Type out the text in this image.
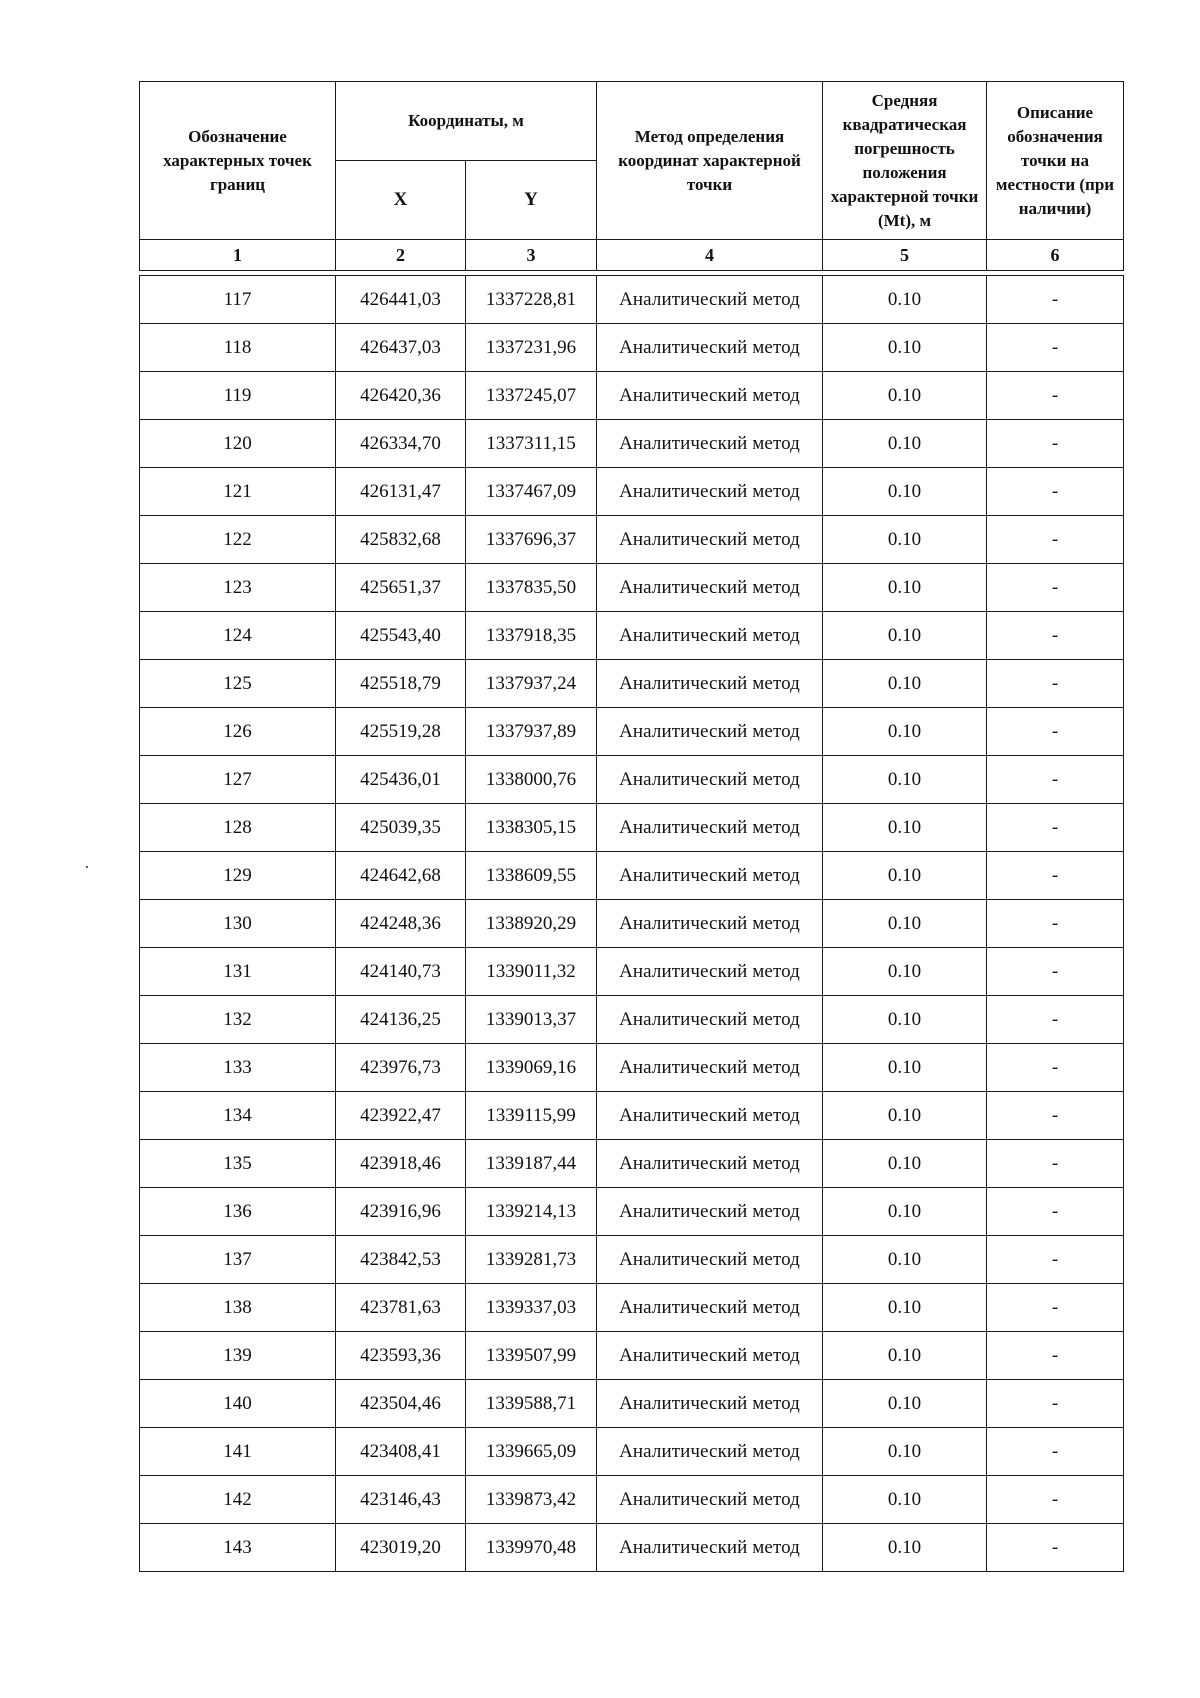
Обозначение характерных точек границ	Координаты, м		Метод определения координат характерной точки	Средняя квадратическая погрешность положения характерной точки (Mt), м	Описание обозначения точки на местности (при наличии)
	X	Y			
1	2	3	4	5	6

117	426441,03	1337228,81	Аналитический метод	0.10	-
118	426437,03	1337231,96	Аналитический метод	0.10	-
119	426420,36	1337245,07	Аналитический метод	0.10	-
120	426334,70	1337311,15	Аналитический метод	0.10	-
121	426131,47	1337467,09	Аналитический метод	0.10	-
122	425832,68	1337696,37	Аналитический метод	0.10	-
123	425651,37	1337835,50	Аналитический метод	0.10	-
124	425543,40	1337918,35	Аналитический метод	0.10	-
125	425518,79	1337937,24	Аналитический метод	0.10	-
126	425519,28	1337937,89	Аналитический метод	0.10	-
127	425436,01	1338000,76	Аналитический метод	0.10	-
128	425039,35	1338305,15	Аналитический метод	0.10	-
129	424642,68	1338609,55	Аналитический метод	0.10	-
130	424248,36	1338920,29	Аналитический метод	0.10	-
131	424140,73	1339011,32	Аналитический метод	0.10	-
132	424136,25	1339013,37	Аналитический метод	0.10	-
133	423976,73	1339069,16	Аналитический метод	0.10	-
134	423922,47	1339115,99	Аналитический метод	0.10	-
135	423918,46	1339187,44	Аналитический метод	0.10	-
136	423916,96	1339214,13	Аналитический метод	0.10	-
137	423842,53	1339281,73	Аналитический метод	0.10	-
138	423781,63	1339337,03	Аналитический метод	0.10	-
139	423593,36	1339507,99	Аналитический метод	0.10	-
140	423504,46	1339588,71	Аналитический метод	0.10	-
141	423408,41	1339665,09	Аналитический метод	0.10	-
142	423146,43	1339873,42	Аналитический метод	0.10	-
143	423019,20	1339970,48	Аналитический метод	0.10	-
